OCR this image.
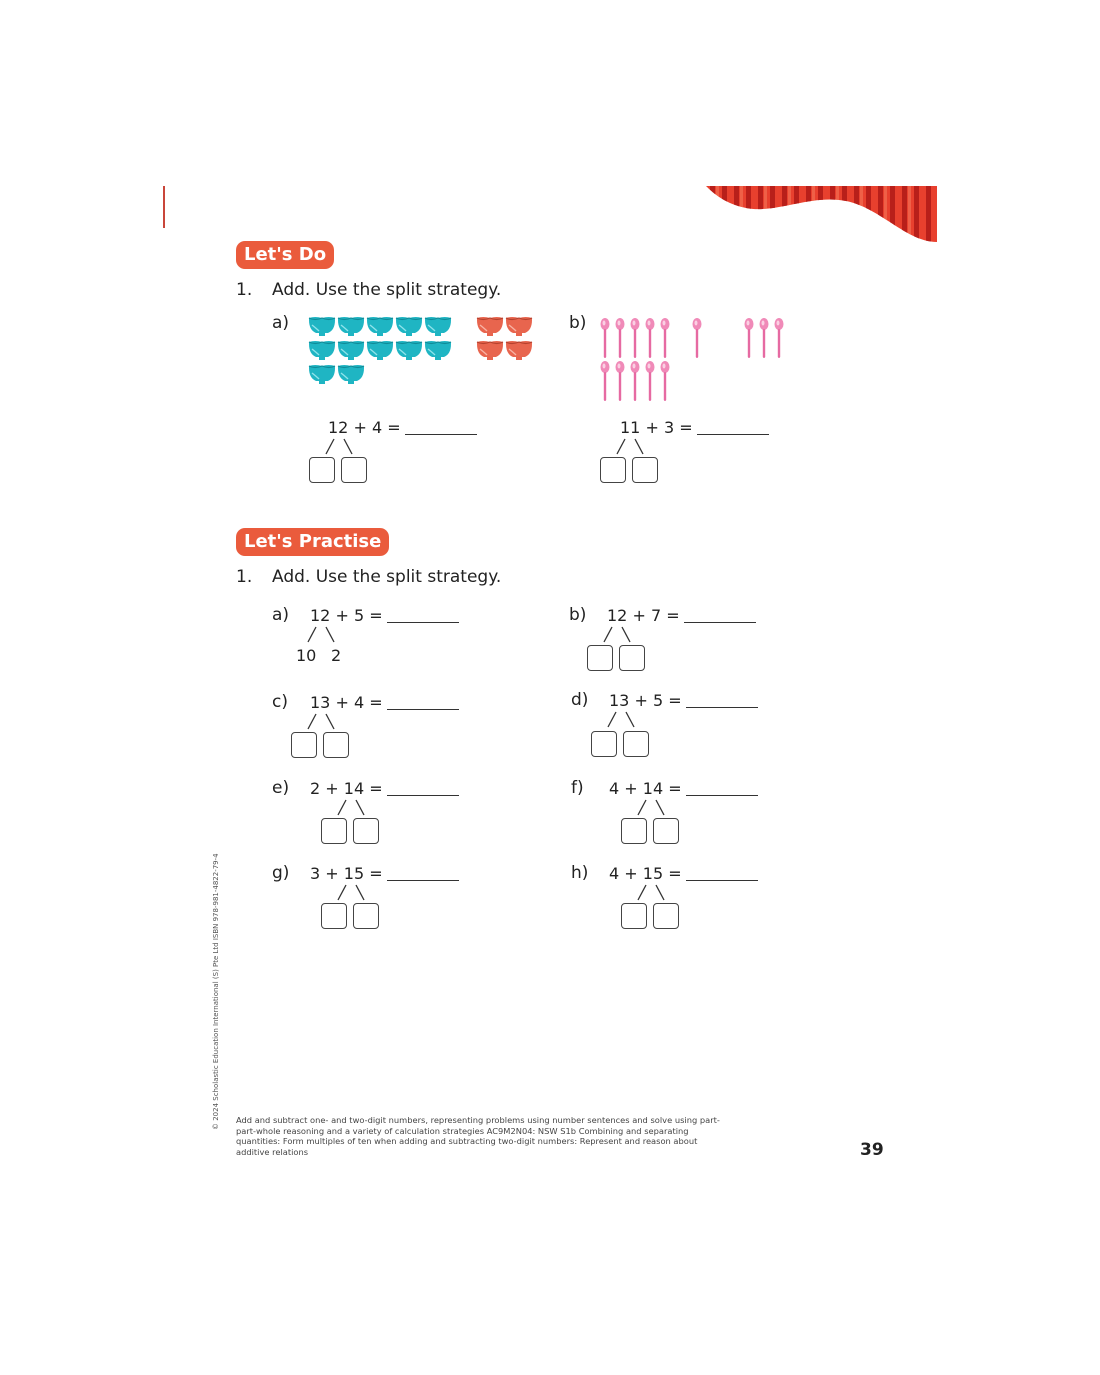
Let's Do
1. Add. Use the split strategy.
a)
12 + 4 =
b)
11 + 3 =
Let's Practise
1. Add. Use the split strategy.
a) 12 + 5 =
10 2
b) 12 + 7 =
c) 13 + 4 =	d) 13 + 5 =
e) 2 + 14 =	f) 4 + 14 =
g) 3 + 15 =	h) 4 + 15 =
© 2024 Scholastic Education International (S) Pte Ltd ISBN 978-981-4822-79-4 Add and subtract one- and two-digit numbers, representing problems using number sentences and solve using part-part-whole reasoning and a variety of calculation strategies AC9M2N04: NSW S1b Combining and separating quantities: Form multiples of ten when adding and subtracting two-digit numbers: Represent and reason about additive relations	39
